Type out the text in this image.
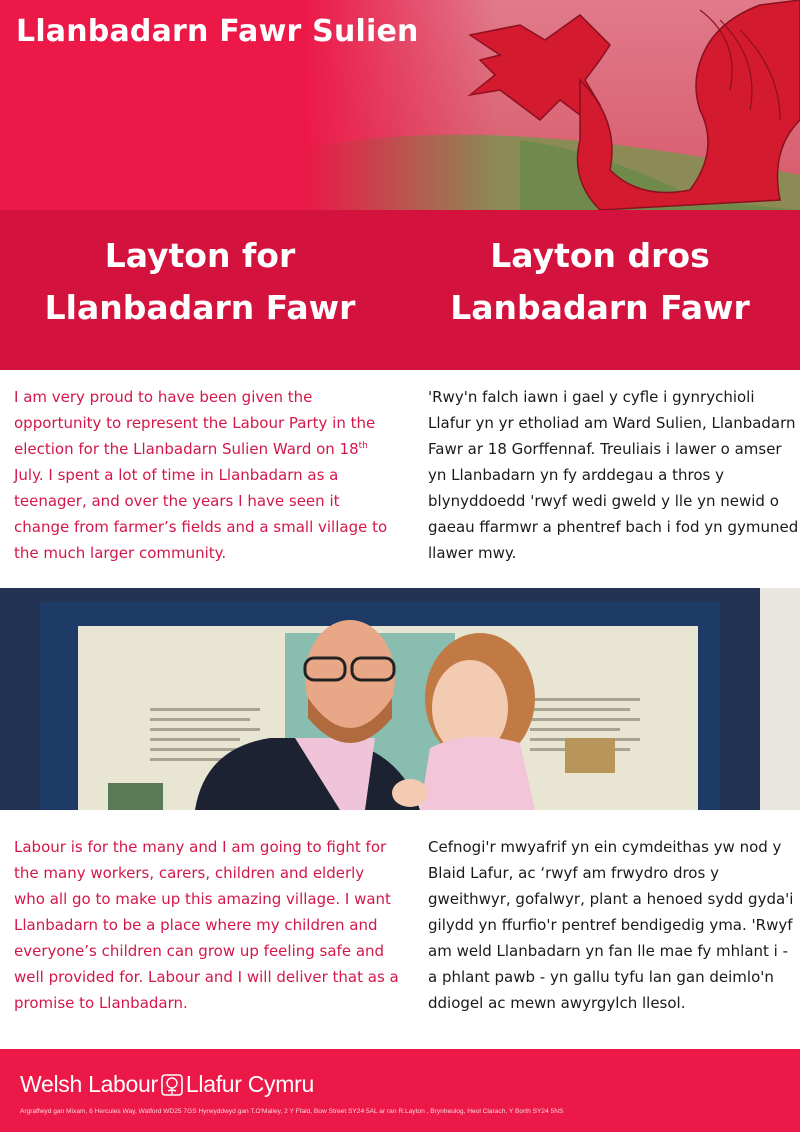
Llanbadarn Fawr Sulien
Layton for
Llanbadarn Fawr
Layton dros
Lanbadarn Fawr
I am very proud to have been given the opportunity to represent the Labour Party in the election for the Llanbadarn Sulien Ward on 18th July. I spent a lot of time in Llanbadarn as a teenager, and over the years I have seen it change from farmer’s fields and a small village to the much larger community.
'Rwy'n falch iawn i gael y cyfle i gynrychioli Llafur yn yr etholiad am Ward Sulien, Llanbadarn Fawr ar 18 Gorffennaf. Treuliais i lawer o amser yn Llanbadarn yn fy arddegau a thros y blynyddoedd 'rwyf wedi gweld y lle yn newid o gaeau ffarmwr a phentref bach i fod yn gymuned llawer mwy.
Labour is for the many and I am going to fight for the many workers, carers, children and elderly who all go to make up this amazing village. I want Llanbadarn to be a place where my children and everyone’s children can grow up feeling safe and well provided for. Labour and I will deliver that as a promise to Llanbadarn.
Cefnogi'r mwyafrif yn ein cymdeithas yw nod y Blaid Lafur, ac ‘rwyf am frwydro dros y gweithwyr, gofalwyr, plant a henoed sydd gyda'i gilydd yn ffurfio'r pentref bendigedig yma. 'Rwyf am weld Llanbadarn yn fan lle mae fy mhlant i - a phlant pawb - yn gallu tyfu lan gan deimlo'n ddiogel ac mewn awyrgylch llesol.
Welsh Labour Llafur Cymru
Argraffwyd gan Mixam, 6 Hercules Way, Watford WD25 7GS Hyrwyddwyd gan T.O'Malley, 2 Y Ffald, Bow Street SY24 5AL ar ran R.Layton , Brynheulog, Heol Clarach, Y Borth SY24 5NS
